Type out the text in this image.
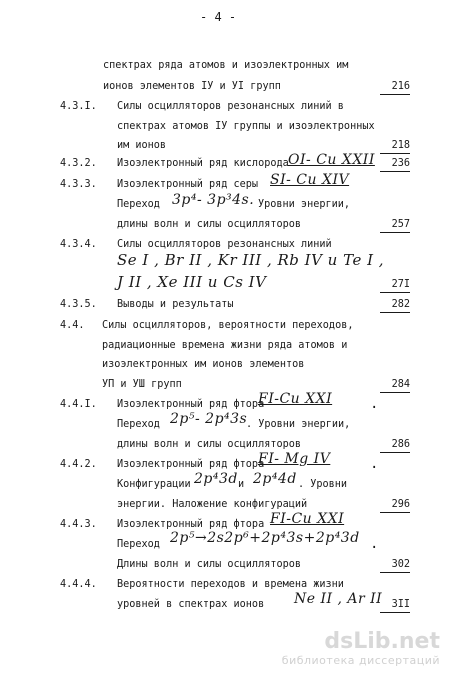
- 4 -
спектрах ряда атомов и изоэлектронных им
ионов элементов IУ и УI групп	216
4.3.I. Силы осцилляторов резонансных линий в
спектрах атомов IУ группы и изоэлектронных
им ионов	218
4.3.2. Изоэлектронный ряд кислорода OI- Cu XXII	236
4.3.3. Изоэлектронный ряд серы SI- Cu XIV
Переход 3p⁴- 3p³4s. Уровни энергии,
длины волн и силы осцилляторов	257
4.3.4. Силы осцилляторов резонансных линий
Se I , Br II , Kr III , Rb IV и Te I ,
J II , Xe III и Cs IV	27I
4.3.5. Выводы и результаты	282
4.4. Силы осцилляторов, вероятности переходов,
радиационные времена жизни ряда атомов и
изоэлектронных им ионов элементов
УП и УШ групп	284
4.4.I. Изоэлектронный ряд фтора
FI-Cu XXI	.
Переход 2p⁵- 2p⁴3s
. Уровни энергии,
длины волн и силы осцилляторов	286
4.4.2. Изоэлектронный ряд фтора
FI- Mg IV	.
Конфигурации 2p⁴3d и 2p⁴4d . Уровни
энергии. Наложение конфигураций	296
4.4.3. Изоэлектронный ряд фтора FI-Cu XXI
Переход 2p⁵→2s2p⁶+2p⁴3s+2p⁴3d .
Длины волн и силы осцилляторов	302
4.4.4. Вероятности переходов и времена жизни
уровней в спектрах ионов Ne II , Ar II 3II
dsLib.net
библиотека диссертаций
